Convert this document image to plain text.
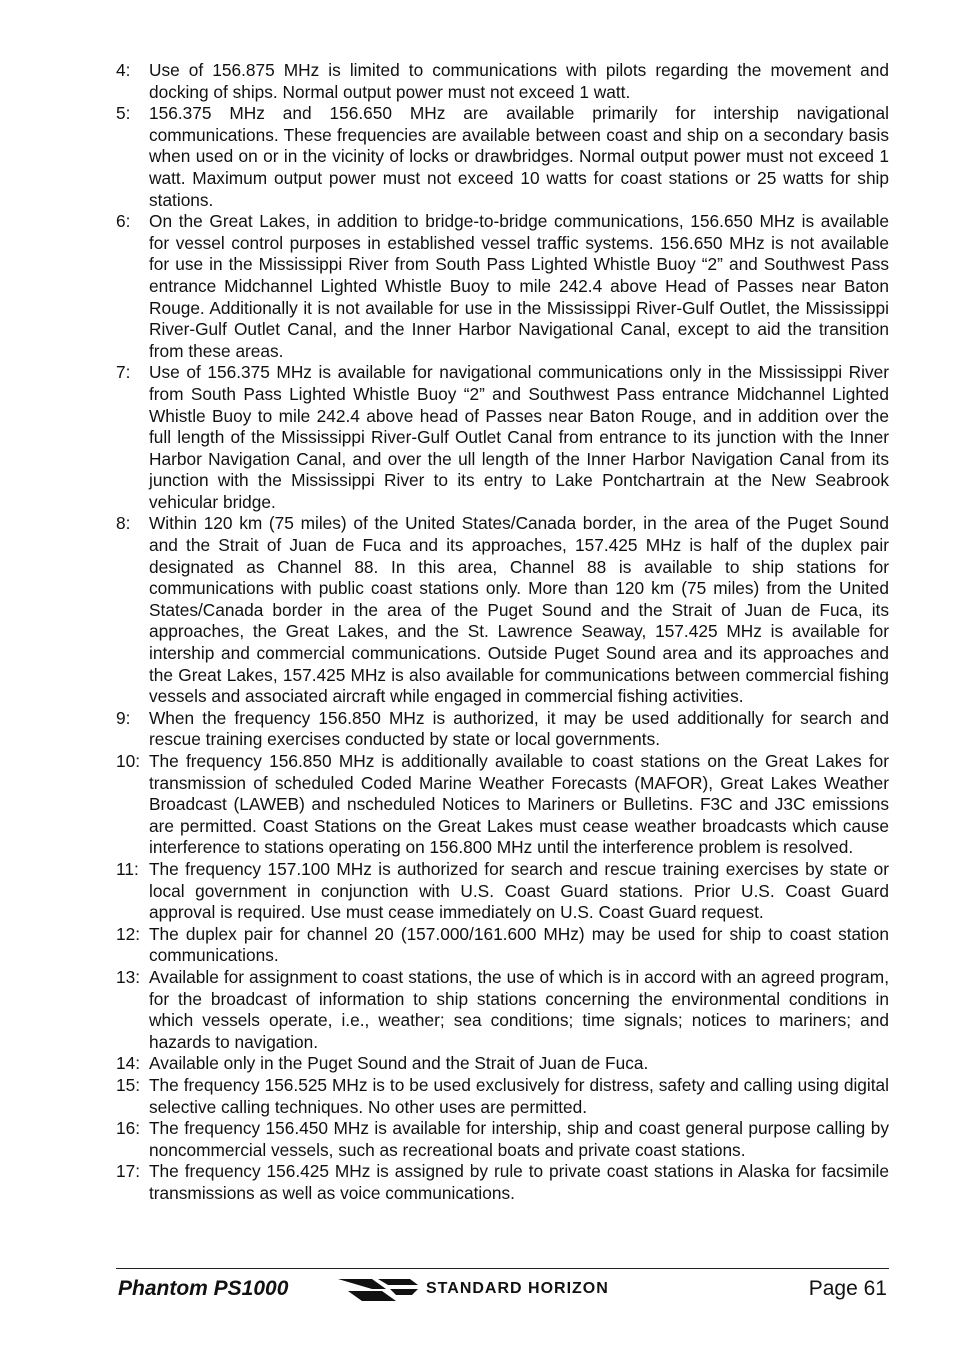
4:	Use of 156.875 MHz is limited to communications with pilots regarding the movement and docking of ships. Normal output power must not exceed 1 watt.
5:	156.375 MHz and 156.650 MHz are available primarily for intership navigational communications. These frequencies are available between coast and ship on a secondary basis when used on or in the vicinity of locks or drawbridges. Normal output power must not exceed 1 watt. Maximum output power must not exceed 10 watts for coast stations or 25 watts for ship stations.
6:	On the Great Lakes, in addition to bridge-to-bridge communications, 156.650 MHz is available for vessel control purposes in established vessel traffic systems. 156.650 MHz is not available for use in the Mississippi River from South Pass Lighted Whistle Buoy “2” and Southwest Pass entrance Midchannel Lighted Whistle Buoy to mile 242.4 above Head of Passes near Baton Rouge. Additionally it is not available for use in the Mississippi River-Gulf Outlet, the Mississippi River-Gulf Outlet Canal, and the Inner Harbor Navigational Canal, except to aid the transition from these areas.
7:	Use of 156.375 MHz is available for navigational communications only in the Mississippi River from South Pass Lighted Whistle Buoy “2” and Southwest Pass entrance Midchannel Lighted Whistle Buoy to mile 242.4 above head of Passes near Baton Rouge, and in addition over the full length of the Mississippi River-Gulf Outlet Canal from entrance to its junction with the Inner Harbor Navigation Canal, and over the ull length of the Inner Harbor Navigation Canal from its junction with the Mississippi River to its entry to Lake Pontchartrain at the New Seabrook vehicular bridge.
8:	Within 120 km (75 miles) of the United States/Canada border, in the area of the Puget Sound and the Strait of Juan de Fuca and its approaches, 157.425 MHz is half of the duplex pair designated as Channel 88. In this area, Channel 88 is available to ship stations for communications with public coast stations only. More than 120 km (75 miles) from the United States/Canada border in the area of the Puget Sound and the Strait of Juan de Fuca, its approaches, the Great Lakes, and the St. Lawrence Seaway, 157.425 MHz is available for intership and commercial communications. Outside Puget Sound area and its approaches and the Great Lakes, 157.425 MHz is also available for communications between commercial fishing vessels and associated aircraft while engaged in commercial fishing activities.
9:	When the frequency 156.850 MHz is authorized, it may be used additionally for search and rescue training exercises conducted by state or local governments.
10: The frequency 156.850 MHz is additionally available to coast stations on the Great Lakes for transmission of scheduled Coded Marine Weather Forecasts (MAFOR), Great Lakes Weather Broadcast (LAWEB) and nscheduled Notices to Mariners or Bulletins. F3C and J3C emissions are permitted. Coast Stations on the Great Lakes must cease weather broadcasts which cause interference to stations operating on 156.800 MHz until the interference problem is resolved.
11: The frequency 157.100 MHz is authorized for search and rescue training exercises by state or local government in conjunction with U.S. Coast Guard stations. Prior U.S. Coast Guard approval is required. Use must cease immediately on U.S. Coast Guard request.
12: The duplex pair for channel 20 (157.000/161.600 MHz) may be used for ship to coast station communications.
13: Available for assignment to coast stations, the use of which is in accord with an agreed program, for the broadcast of information to ship stations concerning the environmental conditions in which vessels operate, i.e., weather; sea conditions; time signals; notices to mariners; and hazards to navigation.
14: Available only in the Puget Sound and the Strait of Juan de Fuca.
15: The frequency 156.525 MHz is to be used exclusively for distress, safety and calling using digital selective calling techniques. No other uses are permitted.
16: The frequency 156.450 MHz is available for intership, ship and coast general purpose calling by noncommercial vessels, such as recreational boats and private coast stations.
17: The frequency 156.425 MHz is assigned by rule to private coast stations in Alaska for facsimile transmissions as well as voice communications.
Phantom PS1000	STANDARD HORIZON	Page 61
